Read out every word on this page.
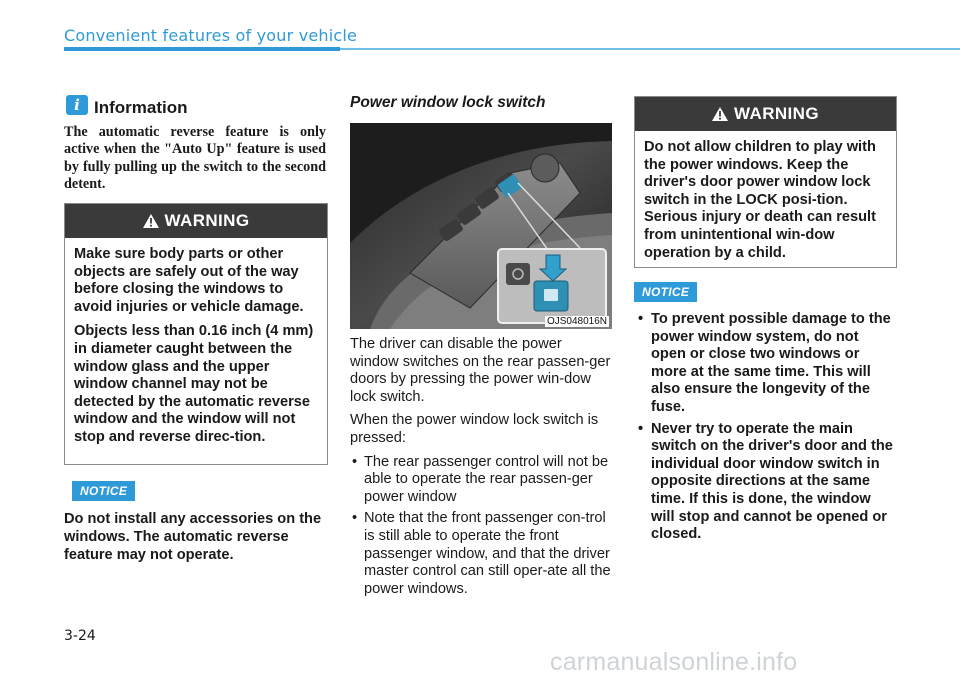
Convenient features of your vehicle
i Information
The automatic reverse feature is only active when the "Auto Up" feature is used by fully pulling up the switch to the second detent.
WARNING

Make sure body parts or other objects are safely out of the way before closing the windows to avoid injuries or vehicle damage.

Objects less than 0.16 inch (4 mm) in diameter caught between the window glass and the upper window channel may not be detected by the automatic reverse window and the window will not stop and reverse direc-tion.

NOTICE
Do not install any accessories on the windows. The automatic reverse feature may not operate.
Power window lock switch
OJS048016N

The driver can disable the power window switches on the rear passen-ger doors by pressing the power win-dow lock switch.

When the power window lock switch is pressed:

• The rear passenger control will not be able to operate the rear passen-ger power window
• Note that the front passenger con-trol is still able to operate the front passenger window, and that the driver master control can still oper-ate all the power windows.
WARNING

Do not allow children to play with the power windows. Keep the driver's door power window lock switch in the LOCK posi-tion. Serious injury or death can result from unintentional win-dow operation by a child.

NOTICE
• To prevent possible damage to the power window system, do not open or close two windows or more at the same time. This will also ensure the longevity of the fuse.
• Never try to operate the main switch on the driver's door and the individual door window switch in opposite directions at the same time. If this is done, the window will stop and cannot be opened or closed.
3-24
carmanualsonline.info
